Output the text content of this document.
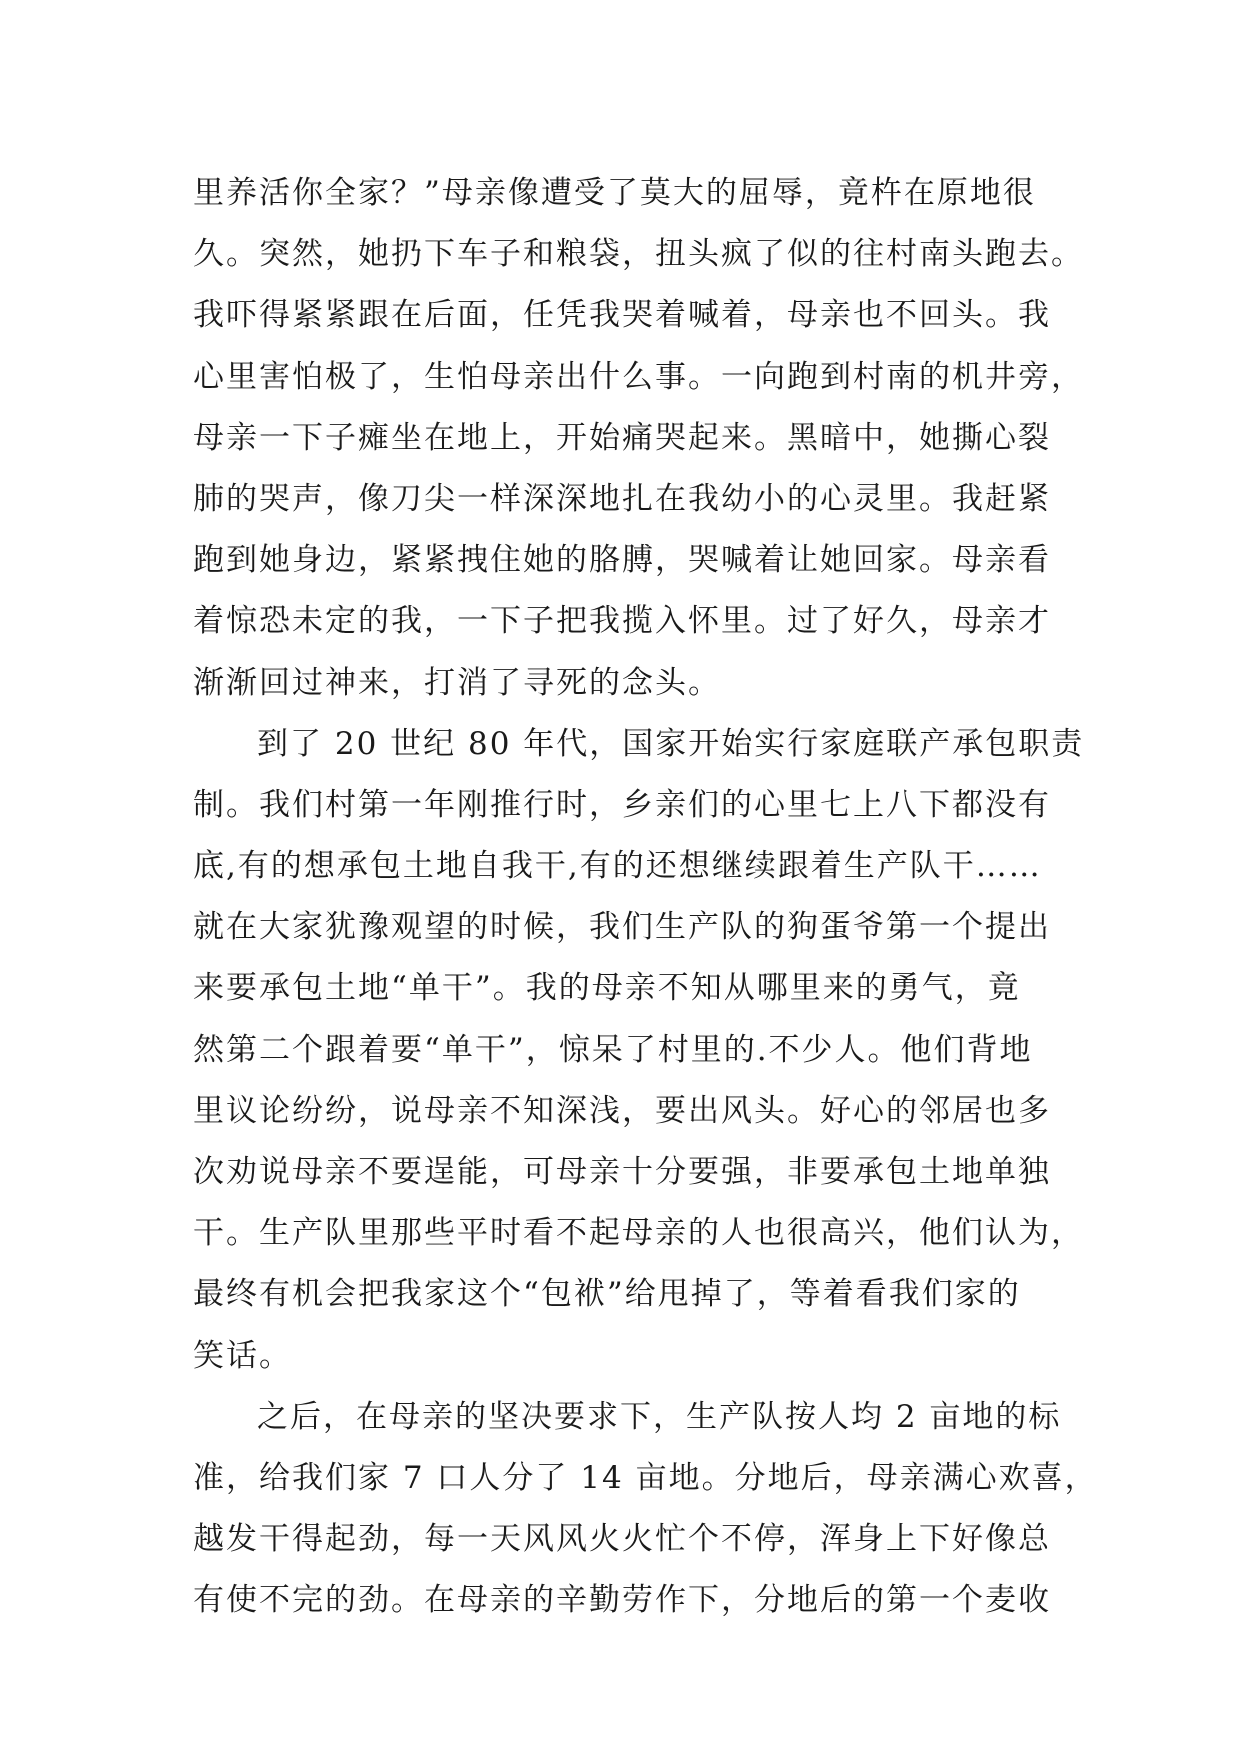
里养活你全家？”母亲像遭受了莫大的屈辱，竟杵在原地很
久。突然，她扔下车子和粮袋，扭头疯了似的往村南头跑去。
我吓得紧紧跟在后面，任凭我哭着喊着，母亲也不回头。我
心里害怕极了，生怕母亲出什么事。一向跑到村南的机井旁，
母亲一下子瘫坐在地上，开始痛哭起来。黑暗中，她撕心裂
肺的哭声，像刀尖一样深深地扎在我幼小的心灵里。我赶紧
跑到她身边，紧紧拽住她的胳膊，哭喊着让她回家。母亲看
着惊恐未定的我，一下子把我揽入怀里。过了好久，母亲才
渐渐回过神来，打消了寻死的念头。
到了 20 世纪 80 年代，国家开始实行家庭联产承包职责
制。我们村第一年刚推行时，乡亲们的心里七上八下都没有
底,有的想承包土地自我干,有的还想继续跟着生产队干……
就在大家犹豫观望的时候，我们生产队的狗蛋爷第一个提出
来要承包土地“单干”。我的母亲不知从哪里来的勇气，竟
然第二个跟着要“单干”，惊呆了村里的.不少人。他们背地
里议论纷纷，说母亲不知深浅，要出风头。好心的邻居也多
次劝说母亲不要逞能，可母亲十分要强，非要承包土地单独
干。生产队里那些平时看不起母亲的人也很高兴，他们认为，
最终有机会把我家这个“包袱”给甩掉了，等着看我们家的
笑话。
之后，在母亲的坚决要求下，生产队按人均 2 亩地的标
准，给我们家 7 口人分了 14 亩地。分地后，母亲满心欢喜，
越发干得起劲，每一天风风火火忙个不停，浑身上下好像总
有使不完的劲。在母亲的辛勤劳作下，分地后的第一个麦收
